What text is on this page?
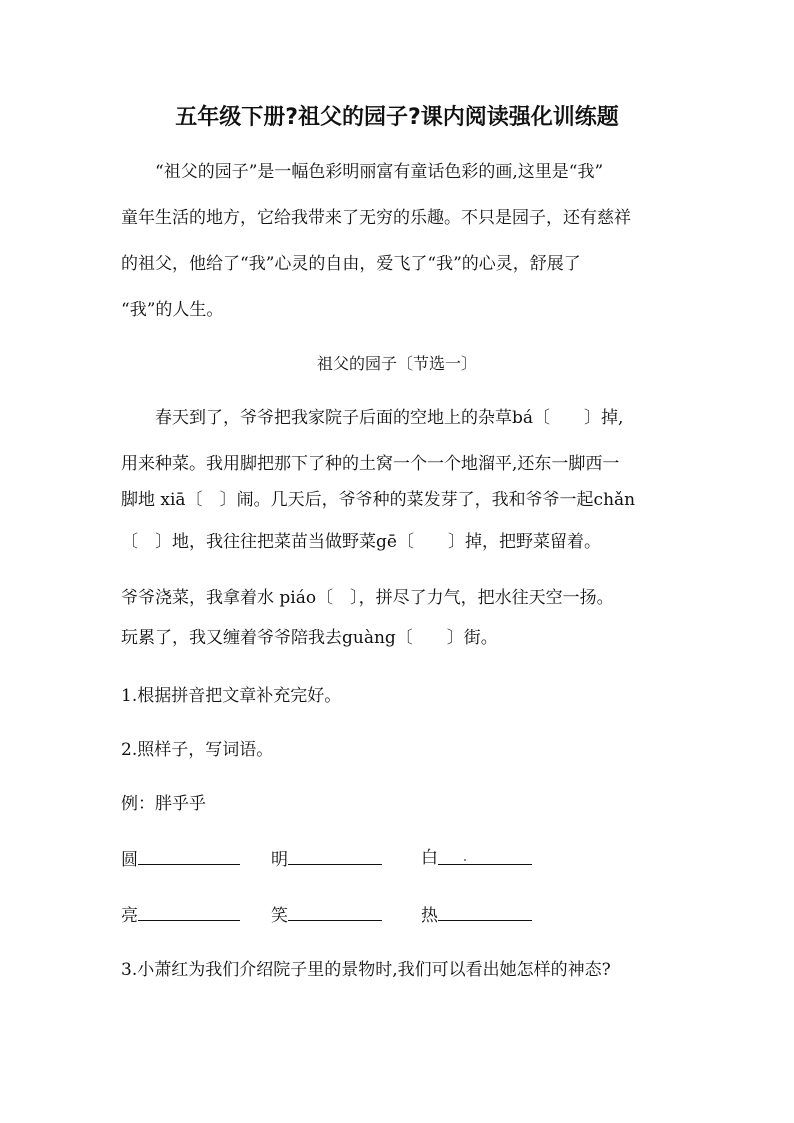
五年级下册?祖父的园子?课内阅读强化训练题
“祖父的园子”是一幅色彩明丽富有童话色彩的画,这里是“我”
童年生活的地方，它给我带来了无穷的乐趣。不只是园子，还有慈祥
的祖父，他给了“我”心灵的自由，爱飞了“我”的心灵，舒展了
“我”的人生。
祖父的园子〔节选一〕
春天到了，爷爷把我家院子后面的空地上的杂草bá〔　　〕掉,
用来种菜。我用脚把那下了种的土窝一个一个地溜平,还东一脚西一
脚地 xiā〔　〕闹。几天后，爷爷种的菜发芽了，我和爷爷一起chǎn
〔　〕地，我往往把菜苗当做野菜gē〔　　〕掉，把野菜留着。
爷爷浇菜，我拿着水 piáo〔　〕，拼尽了力气，把水往天空一扬。
玩累了，我又缠着爷爷陪我去guàng〔　　〕街。
1.根据拼音把文章补充完好。
2.照样子，写词语。
例：胖乎乎
圆	明	白
亮	笑	热
3.小萧红为我们介绍院子里的景物时,我们可以看出她怎样的神态?
